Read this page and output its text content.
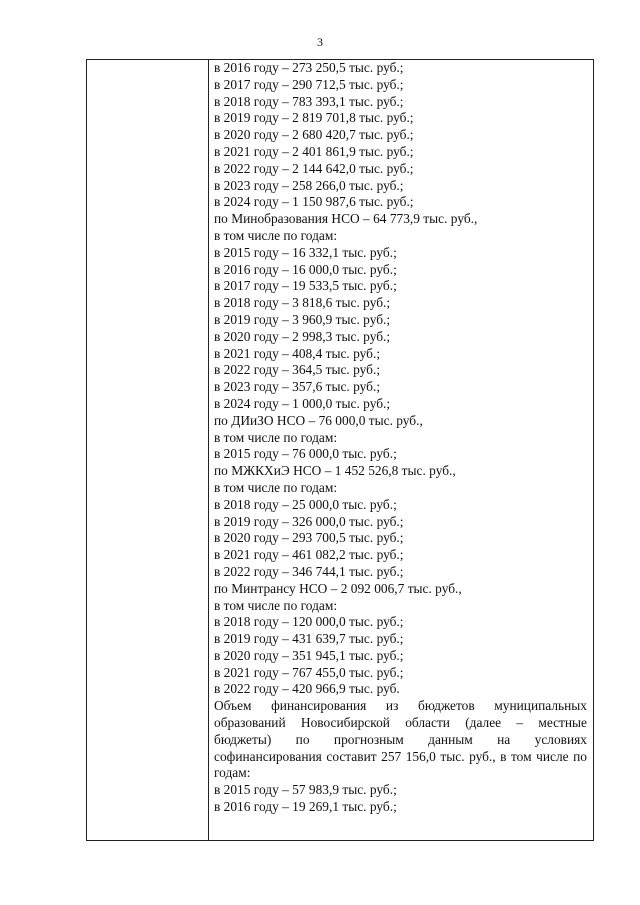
3
в 2016 году – 273 250,5 тыс. руб.;
в 2017 году – 290 712,5 тыс. руб.;
в 2018 году – 783 393,1 тыс. руб.;
в 2019 году – 2 819 701,8 тыс. руб.;
в 2020 году – 2 680 420,7 тыс. руб.;
в 2021 году – 2 401 861,9 тыс. руб.;
в 2022 году – 2 144 642,0 тыс. руб.;
в 2023 году – 258 266,0 тыс. руб.;
в 2024 году – 1 150 987,6 тыс. руб.;
по Минобразования НСО – 64 773,9 тыс. руб.,
в том числе по годам:
в 2015 году – 16 332,1 тыс. руб.;
в 2016 году – 16 000,0 тыс. руб.;
в 2017 году – 19 533,5 тыс. руб.;
в 2018 году – 3 818,6 тыс. руб.;
в 2019 году – 3 960,9 тыс. руб.;
в 2020 году – 2 998,3 тыс. руб.;
в 2021 году – 408,4 тыс. руб.;
в 2022 году – 364,5 тыс. руб.;
в 2023 году – 357,6 тыс. руб.;
в 2024 году – 1 000,0 тыс. руб.;
по ДИиЗО НСО – 76 000,0 тыс. руб.,
в том числе по годам:
в 2015 году – 76 000,0 тыс. руб.;
по МЖКХиЭ НСО – 1 452 526,8 тыс. руб.,
в том числе по годам:
в 2018 году – 25 000,0 тыс. руб.;
в 2019 году – 326 000,0 тыс. руб.;
в 2020 году – 293 700,5 тыс. руб.;
в 2021 году – 461 082,2 тыс. руб.;
в 2022 году – 346 744,1 тыс. руб.;
по Минтрансу НСО – 2 092 006,7 тыс. руб.,
в том числе по годам:
в 2018 году – 120 000,0 тыс. руб.;
в 2019 году – 431 639,7 тыс. руб.;
в 2020 году – 351 945,1 тыс. руб.;
в 2021 году – 767 455,0 тыс. руб.;
в 2022 году – 420 966,9 тыс. руб.

Объем финансирования из бюджетов муниципальных образований Новосибирской области (далее – местные бюджеты) по прогнозным данным на условиях софинансирования составит 257 156,0 тыс. руб., в том числе по годам:

в 2015 году – 57 983,9 тыс. руб.;
в 2016 году – 19 269,1 тыс. руб.;
